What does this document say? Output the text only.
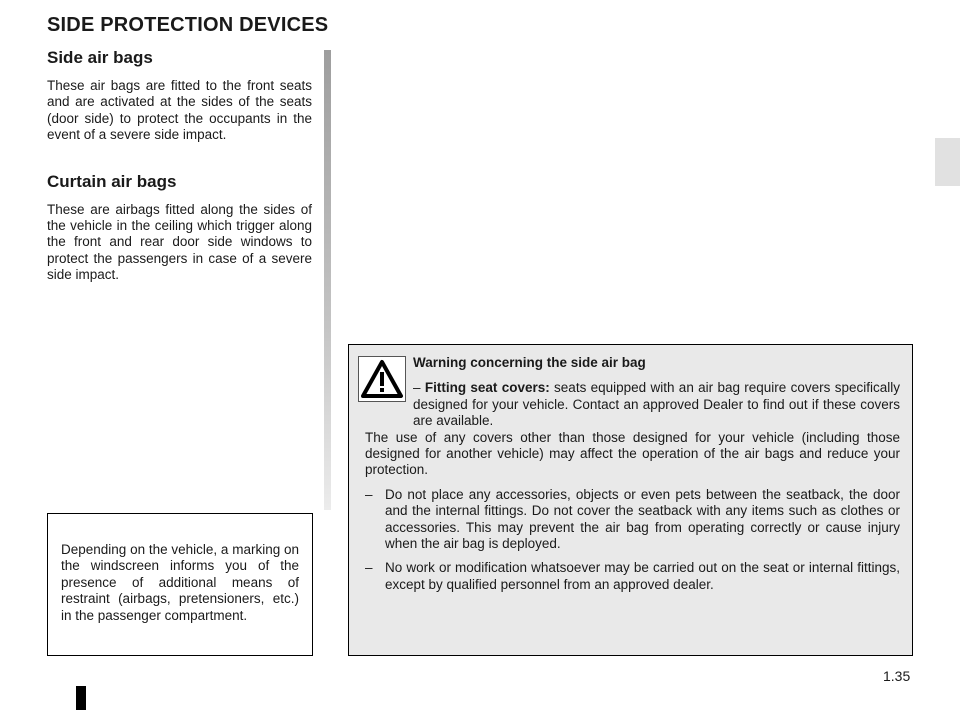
SIDE PROTECTION DEVICES
Side air bags

These air bags are fitted to the front seats and are activated at the sides of the seats (door side) to protect the occupants in the event of a severe side impact.

Curtain air bags

These are airbags fitted along the sides of the vehicle in the ceiling which trigger along the front and rear door side windows to protect the passengers in case of a severe side impact.

Depending on the vehicle, a marking on the windscreen informs you of the presence of additional means of restraint (airbags, pretensioners, etc.) in the passenger compartment.

Warning concerning the side air bag

– Fitting seat covers: seats equipped with an air bag require covers specifically designed for your vehicle. Contact an approved Dealer to find out if these covers are available.

The use of any covers other than those designed for your vehicle (including those designed for another vehicle) may affect the operation of the air bags and reduce your protection.

– Do not place any accessories, objects or even pets between the seatback, the door and the internal fittings. Do not cover the seatback with any items such as clothes or accessories. This may prevent the air bag from operating correctly or cause injury when the air bag is deployed.
– No work or modification whatsoever may be carried out on the seat or internal fittings, except by qualified personnel from an approved dealer.
1.35
